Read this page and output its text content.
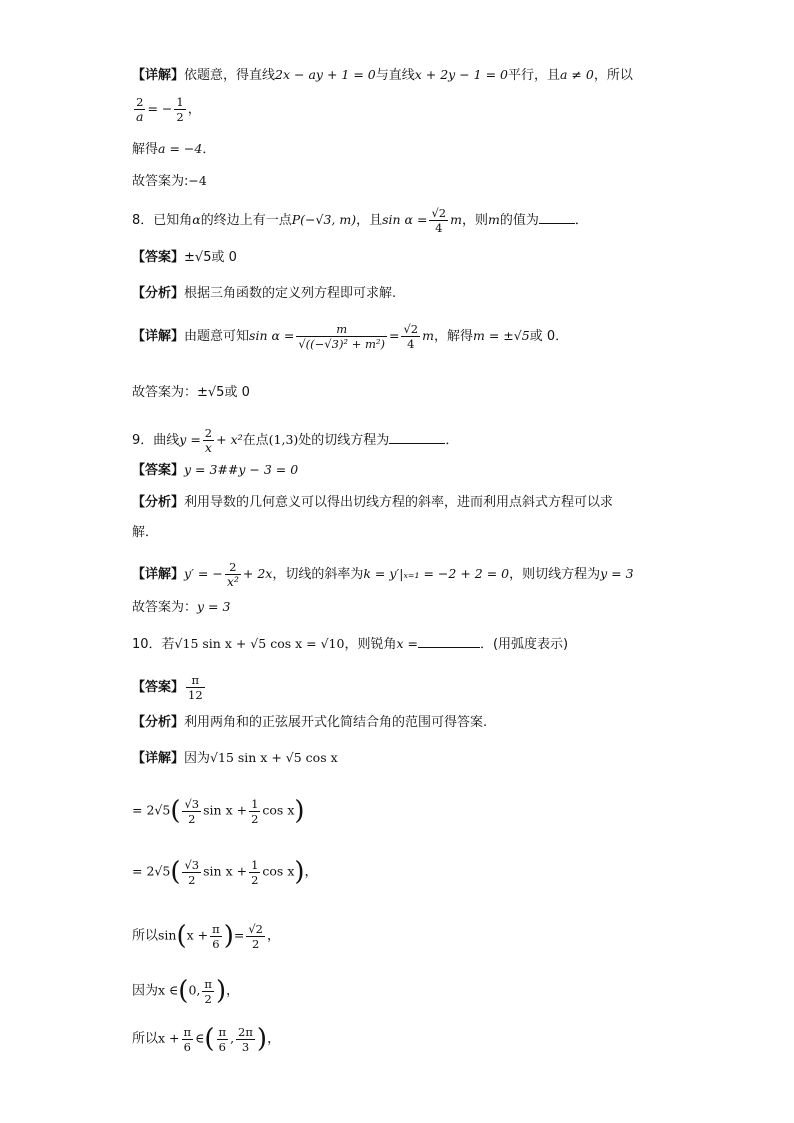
【详解】依题意，得直线2x − ay + 1 = 0与直线x + 2y − 1 = 0平行，且a ≠ 0，所以
$\frac{2}{a}$ = − $\frac{1}{2}$ ，
解得a = −4．
故答案为:−4
8．已知角α的终边上有一点P(−√3, m)，且$\sin \alpha = \frac{√2}{4}$ m，则m的值为	．
【答案】±√5或 0
【分析】根据三角函数的定义列方程即可求解.
【详解】由题意可知$\sin \alpha = \frac{m}{\text{√((−√3)² + m²)}} = \frac{√2}{4}$ m，解得m = ±√5或 0．
故答案为：±√5或 0
9．曲线$y = \frac{2}{x} + x^2$在点(1,3)处的切线方程为	．
【答案】y = 3##y − 3 = 0
【分析】利用导数的几何意义可以得出切线方程的斜率，进而利用点斜式方程可以求
解．
【详解】y′ = − $\frac{2}{\text{x²}} + 2x$，切线的斜率为k = y′|ₓ₌₁ = −2 + 2 = 0，则切线方程为y = 3
故答案为：y = 3
10．若√15 sin x + √5 cos x = √10，则锐角x =	．(用弧度表示)
【答案】 $\frac{\pi}{12}$
【分析】利用两角和的正弦展开式化简结合角的范围可得答案.
【详解】因为√15 sin x + √5 cos x
= $2√5( \frac{√3}{2}$ $\sin x + \frac{1}{2}$ cos x)
= $2√5( \frac{√3}{2}$ $\sin x + \frac{1}{2}$ cos x)，
所以$\sin(x + \frac{\pi}{6}$ )= $\frac{√2}{2}$ ，
因为x ∈(0, $\frac{\pi}{2}$ )，
所以$x + \frac{\pi}{6}$ ∈( $\frac{\pi}{6}$ , $\frac{2\pi}{3}$ )，
